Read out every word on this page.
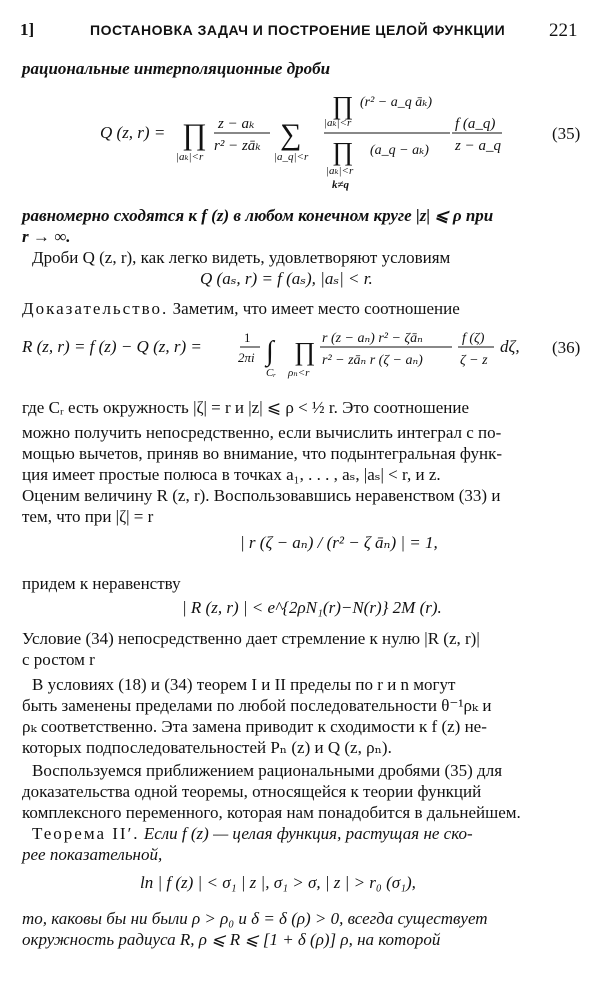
1]	ПОСТАНОВКА ЗАДАЧ И ПОСТРОЕНИЕ ЦЕЛОЙ ФУНКЦИИ 221
рациональные интерполяционные дроби
Q (z, r) = ∏
|aₖ|<r
z − aₖ
r² − zāₖ ∑
|a_q|<r
∏ (r² − a_q āₖ)
|aₖ|<r
∏ (a_q − aₖ)
|aₖ|<r
k≠q
f (a_q)
z − a_q
(35)
равномерно сходятся к f (z) в любом конечном круге |z| ⩽ ρ при
r → ∞.
Дроби Q (z, r), как легко видеть, удовлетворяют условиям
Q (aₛ, r) = f (aₛ), |aₛ| < r.
Доказательство. Заметим, что имеет место соотношение
R (z, r) = f (z) − Q (z, r) =	1
2πi ∫
Cᵣ
∏
ρₙ<r
r (z − aₙ) r² − ζāₙ
r² − zāₙ r (ζ − aₙ)
f (ζ)
ζ − z
dζ, (36)
где Cᵣ есть окружность |ζ| = r и |z| ⩽ ρ < ½ r. Это соотношение
можно получить непосредственно, если вычислить интеграл с по-
мощью вычетов, приняв во внимание, что подынтегральная функ-
ция имеет простые полюса в точках a₁, . . . , aₛ, |aₛ| < r, и z.
Оценим величину R (z, r). Воспользовавшись неравенством (33) и
тем, что при |ζ| = r
| r (ζ − aₙ) / (r² − ζ āₙ) | = 1,
придем к неравенству
| R (z, r) | < e^{2ρN₁(r)−N(r)} 2M (r).
Условие (34) непосредственно дает стремление к нулю |R (z, r)|
с ростом r
В условиях (18) и (34) теорем I и II пределы по r и n могут
быть заменены пределами по любой последовательности θ⁻¹ρₖ и
ρₖ соответственно. Эта замена приводит к сходимости к f (z) не-
которых подпоследовательностей Pₙ (z) и Q (z, ρₙ).
Воспользуемся приближением рациональными дробями (35) для
доказательства одной теоремы, относящейся к теории функций
комплексного переменного, которая нам понадобится в дальнейшем.
Теорема II′. Если f (z) — целая функция, растущая не ско-
рее показательной,
ln | f (z) | < σ₁ | z |, σ₁ > σ, | z | > r₀ (σ₁),
то, каковы бы ни были ρ > ρ₀ и δ = δ (ρ) > 0, всегда существует
окружность радиуса R, ρ ⩽ R ⩽ [1 + δ (ρ)] ρ, на которой
